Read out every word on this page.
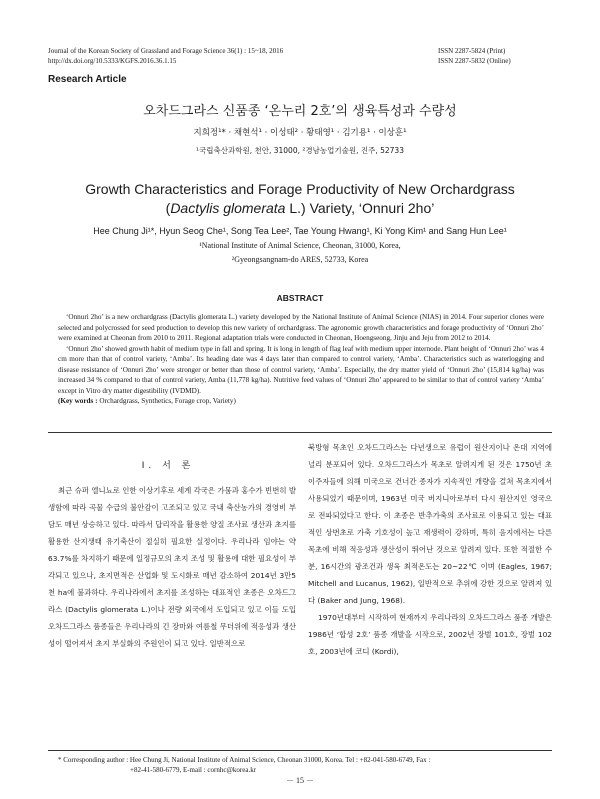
Journal of the Korean Society of Grassland and Forage Science 36(1) : 15~18, 2016
http://dx.doi.org/10.5333/KGFS.2016.36.1.15
ISSN 2287-5824 (Print)
ISSN 2287-5832 (Online)
Research Article
오차드그라스 신품종 ‘온누리 2호’의 생육특성과 수량성
지희정¹* · 채현석¹ · 이성태² · 황태영¹ · 김기용¹ · 이상훈¹
¹국립축산과학원, 천안, 31000, ²경남농업기술원, 진주, 52733
Growth Characteristics and Forage Productivity of New Orchardgrass
(Dactylis glomerata L.) Variety, ‘Onnuri 2ho’
Hee Chung Ji¹*, Hyun Seog Che¹, Song Tea Lee², Tae Young Hwang¹, Ki Yong Kim¹ and Sang Hun Lee¹
¹National Institute of Animal Science, Cheonan, 31000, Korea,
²Gyeongsangnam-do ARES, 52733, Korea
ABSTRACT

‘Onnuri 2ho’ is a new orchardgrass (Dactylis glomerata L.) variety developed by the National Institute of Animal Science (NIAS) in 2014. Four superior clones were selected and polycrossed for seed production to develop this new variety of orchardgrass. The agronomic growth characteristics and forage productivity of ‘Onnuri 2ho’ were examined at Cheonan from 2010 to 2011. Regional adaptation trials were conducted in Cheonan, Hoengseong, Jinju and Jeju from 2012 to 2014.

‘Onnuri 2ho’ showed growth habit of medium type in fall and spring. It is long in length of flag leaf with medium upper internode. Plant height of ‘Onnuri 2ho’ was 4 cm more than that of control variety, ‘Amba’. Its heading date was 4 days later than compared to control variety, ‘Amba’. Characteristics such as waterlogging and disease resistance of ‘Onnuri 2ho’ were stronger or better than those of control variety, ‘Amba’. Especially, the dry matter yield of ‘Onnuri 2ho’ (15,814 kg/ha) was increased 34 % compared to that of control variety, Amba (11,778 kg/ha). Nutritive feed values of ‘Onnuri 2ho’ appeared to be similar to that of control variety ‘Amba’ except in Vitro dry matter digestibility (IVDMD).

(Key words : Orchardgrass, Synthetics, Forage crop, Variety)

Ⅰ. 서 론

최근 슈퍼 엘니뇨로 인한 이상기후로 세계 각국은 가뭄과 홍수가 빈번히 발생함에 따라 곡물 수급의 불안감이 고조되고 있고 국내 축산농가의 경영비 부담도 매년 상승하고 있다. 따라서 답리작을 활용한 양질 조사료 생산과 초지를 활용한 산지생태 유기축산이 절실히 필요한 실정이다. 우리나라 임야는 약 63.7%를 차지하기 때문에 일정규모의 초지 조성 및 활용에 대한 필요성이 부각되고 있으나, 초지면적은 산업화 및 도시화로 매년 감소하여 2014년 3만5천 ha에 불과하다. 우리나라에서 초지를 조성하는 대표적인 초종은 오차드그라스 (Dactylis glomerata L.)이나 전량 외국에서 도입되고 있고 이들 도입 오차드그라스 품종들은 우리나라의 긴 장마와 여름철 무더위에 적응성과 생산성이 떨어져서 초지 부실화의 주원인이 되고 있다. 일반적으로

북방형 목초인 오차드그라스는 다년생으로 유럽이 원산지이나 온대 지역에 널리 분포되어 있다. 오차드그라스가 목초로 알려지게 된 것은 1750년 초 이주자들에 의해 미국으로 건너간 종자가 지속적인 개량을 걸쳐 목초지에서 사용되었기 때문이며, 1963년 미국 버지니아로부터 다시 원산지인 영국으로 전파되었다고 한다. 이 초종은 반추가축의 조사료로 이용되고 있는 대표적인 상번초로 가축 기호성이 높고 재생력이 강하며, 특히 음지에서는 다른 목초에 비해 적응성과 생산성이 뛰어난 것으로 알려져 있다. 또한 적절한 수분, 16시간의 광조건과 생육 최적온도는 20~22℃ 이며 (Eagles, 1967; Mitchell and Lucanus, 1962), 일반적으로 추위에 강한 것으로 알려져 있다 (Baker and Jung, 1968).

1970년대부터 시작하여 현재까지 우리나라의 오차드그라스 품종 개발은 1986년 ‘합성 2호’ 품종 개발을 시작으로, 2002년 장벌 101호, 장벌 102호, 2003년에 코디 (Kordi),

* Corresponding author : Hee Chung Ji, National Institute of Animal Science, Cheonan 31000, Korea. Tel : +82-041-580-6749, Fax :
+82-41-580-6779, E-mail : cornhc@korea.kr
－ 15 －
